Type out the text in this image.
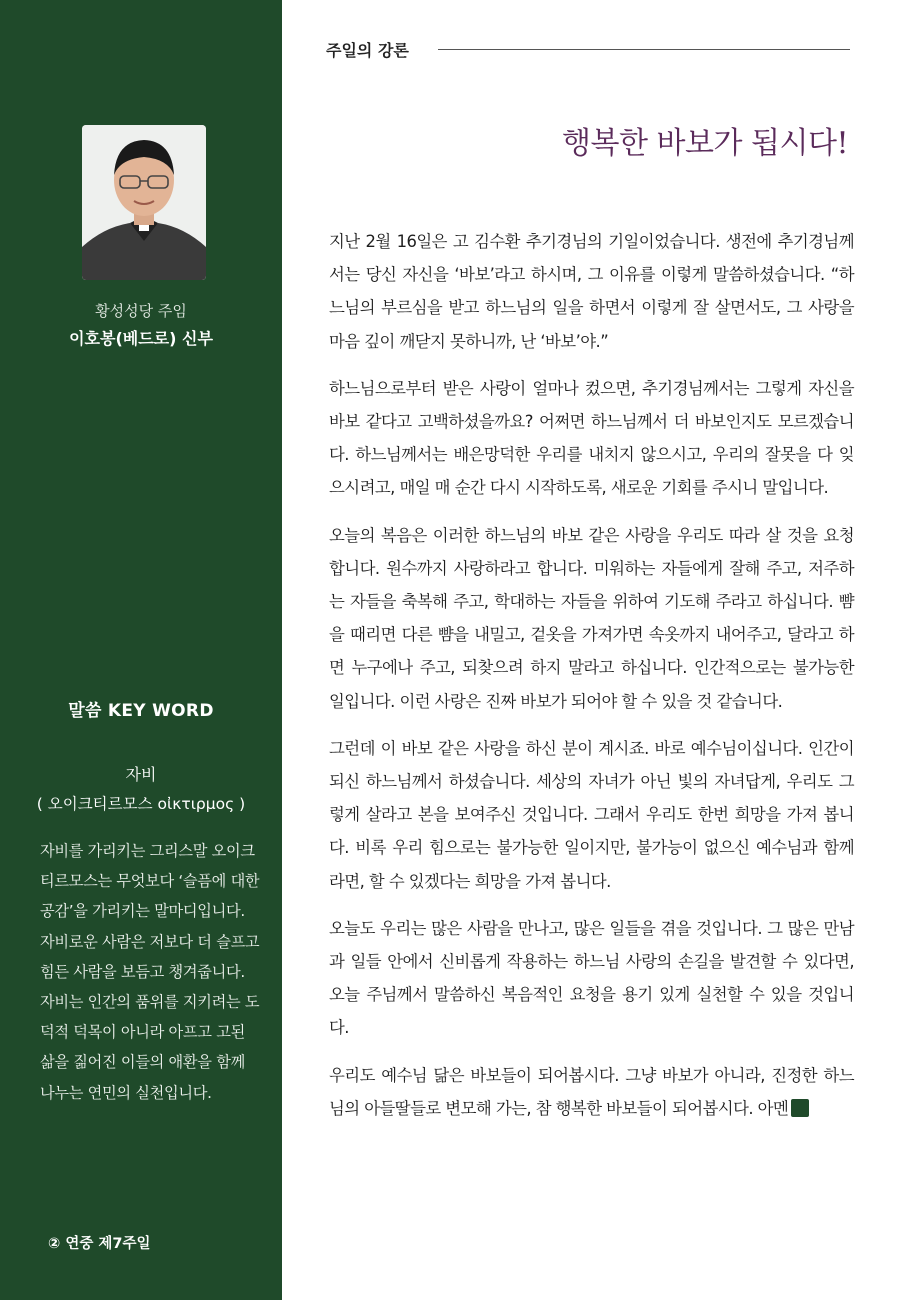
황성성당 주임
이호봉(베드로) 신부
말씀 KEY WORD
자비
( 오이크티르모스 οἰκτιρμος )
자비를 가리키는 그리스말 오이크티르모스는 무엇보다 ‘슬픔에 대한 공감’을 가리키는 말마디입니다. 자비로운 사람은 저보다 더 슬프고 힘든 사람을 보듬고 챙겨줍니다. 자비는 인간의 품위를 지키려는 도덕적 덕목이 아니라 아프고 고된 삶을 짊어진 이들의 애환을 함께 나누는 연민의 실천입니다.
② 연중 제7주일
주일의 강론
행복한 바보가 됩시다!

지난 2월 16일은 고 김수환 추기경님의 기일이었습니다. 생전에 추기경님께서는 당신 자신을 ‘바보’라고 하시며, 그 이유를 이렇게 말씀하셨습니다. “하느님의 부르심을 받고 하느님의 일을 하면서 이렇게 잘 살면서도, 그 사랑을 마음 깊이 깨닫지 못하니까, 난 ‘바보’야.”

하느님으로부터 받은 사랑이 얼마나 컸으면, 추기경님께서는 그렇게 자신을 바보 같다고 고백하셨을까요? 어쩌면 하느님께서 더 바보인지도 모르겠습니다. 하느님께서는 배은망덕한 우리를 내치지 않으시고, 우리의 잘못을 다 잊으시려고, 매일 매 순간 다시 시작하도록, 새로운 기회를 주시니 말입니다.

오늘의 복음은 이러한 하느님의 바보 같은 사랑을 우리도 따라 살 것을 요청합니다. 원수까지 사랑하라고 합니다. 미워하는 자들에게 잘해 주고, 저주하는 자들을 축복해 주고, 학대하는 자들을 위하여 기도해 주라고 하십니다. 뺨을 때리면 다른 뺨을 내밀고, 겉옷을 가져가면 속옷까지 내어주고, 달라고 하면 누구에나 주고, 되찾으려 하지 말라고 하십니다. 인간적으로는 불가능한 일입니다. 이런 사랑은 진짜 바보가 되어야 할 수 있을 것 같습니다.

그런데 이 바보 같은 사랑을 하신 분이 계시죠. 바로 예수님이십니다. 인간이 되신 하느님께서 하셨습니다. 세상의 자녀가 아닌 빛의 자녀답게, 우리도 그렇게 살라고 본을 보여주신 것입니다. 그래서 우리도 한번 희망을 가져 봅니다. 비록 우리 힘으로는 불가능한 일이지만, 불가능이 없으신 예수님과 함께라면, 할 수 있겠다는 희망을 가져 봅니다.

오늘도 우리는 많은 사람을 만나고, 많은 일들을 겪을 것입니다. 그 많은 만남과 일들 안에서 신비롭게 작용하는 하느님 사랑의 손길을 발견할 수 있다면, 오늘 주님께서 말씀하신 복음적인 요청을 용기 있게 실천할 수 있을 것입니다.

우리도 예수님 닮은 바보들이 되어봅시다. 그냥 바보가 아니라, 진정한 하느님의 아들딸들로 변모해 가는, 참 행복한 바보들이 되어봅시다. 아멘
